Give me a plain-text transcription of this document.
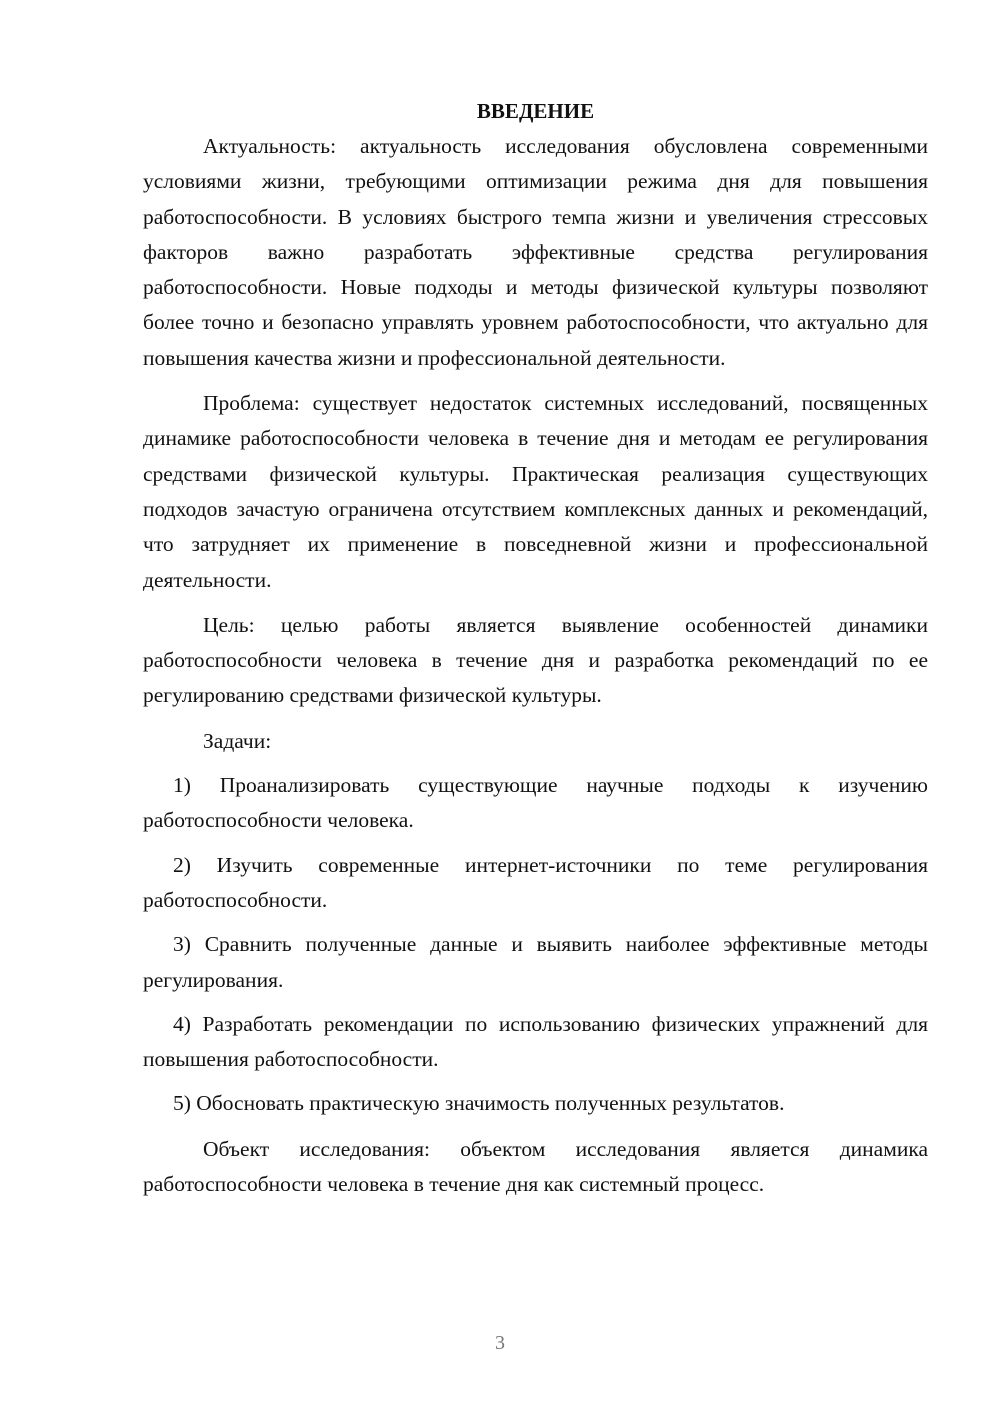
ВВЕДЕНИЕ

Актуальность: актуальность исследования обусловлена современными условиями жизни, требующими оптимизации режима дня для повышения работоспособности. В условиях быстрого темпа жизни и увеличения стрессовых факторов важно разработать эффективные средства регулирования работоспособности. Новые подходы и методы физической культуры позволяют более точно и безопасно управлять уровнем работоспособности, что актуально для повышения качества жизни и профессиональной деятельности.

Проблема: существует недостаток системных исследований, посвященных динамике работоспособности человека в течение дня и методам ее регулирования средствами физической культуры. Практическая реализация существующих подходов зачастую ограничена отсутствием комплексных данных и рекомендаций, что затрудняет их применение в повседневной жизни и профессиональной деятельности.

Цель: целью работы является выявление особенностей динамики работоспособности человека в течение дня и разработка рекомендаций по ее регулированию средствами физической культуры.

Задачи:

1) Проанализировать существующие научные подходы к изучению работоспособности человека.

2) Изучить современные интернет-источники по теме регулирования работоспособности.

3) Сравнить полученные данные и выявить наиболее эффективные методы регулирования.

4) Разработать рекомендации по использованию физических упражнений для повышения работоспособности.

5) Обосновать практическую значимость полученных результатов.

Объект исследования: объектом исследования является динамика работоспособности человека в течение дня как системный процесс.

3
